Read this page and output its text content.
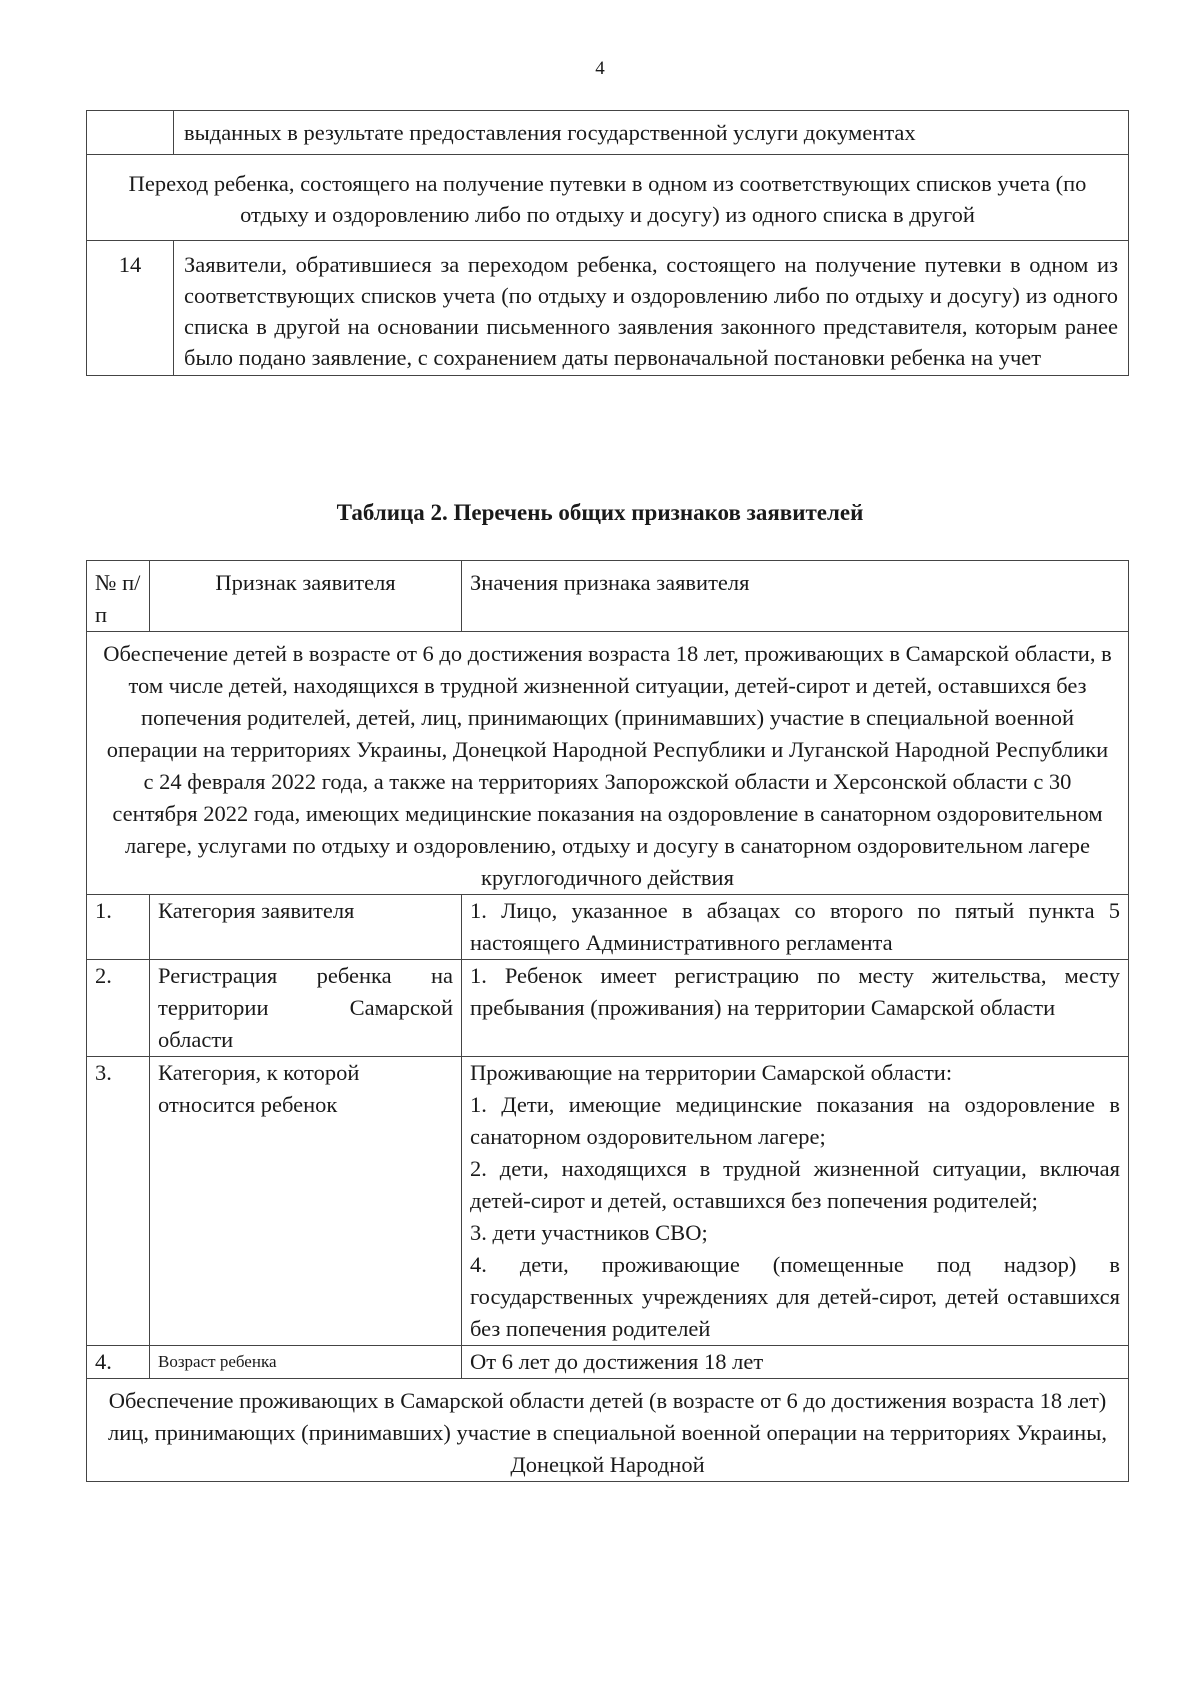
4
	выданных в результате предоставления государственной услуги документах
Переход ребенка, состоящего на получение путевки в одном из соответствующих списков учета (по отдыху и оздоровлению либо по отдыху и досугу) из одного списка в другой	
14	Заявители, обратившиеся за переходом ребенка, состоящего на получение путевки в одном из соответствующих списков учета (по отдыху и оздоровлению либо по отдыху и досугу) из одного списка в другой на основании письменного заявления законного представителя, которым ранее было подано заявление, с сохранением даты первоначальной постановки ребенка на учет
Таблица 2. Перечень общих признаков заявителей
№ п/п	Признак заявителя	Значения признака заявителя
Обеспечение детей в возрасте от 6 до достижения возраста 18 лет, проживающих в Самарской области, в том числе детей, находящихся в трудной жизненной ситуации, детей-сирот и детей, оставшихся без попечения родителей, детей, лиц, принимающих (принимавших) участие в специальной военной операции на территориях Украины, Донецкой Народной Республики и Луганской Народной Республики с 24 февраля 2022 года, а также на территориях Запорожской области и Херсонской области с 30 сентября 2022 года, имеющих медицинские показания на оздоровление в санаторном оздоровительном лагере, услугами по отдыху и оздоровлению, отдыху и досугу в санаторном оздоровительном лагере круглогодичного действия		
1.	Категория заявителя	1. Лицо, указанное в абзацах со второго по пятый пункта 5 настоящего Административного регламента

2.	Регистрация ребенка на территории Самарской области	1. Ребенок имеет регистрацию по месту жительства, месту пребывания (проживания) на территории Самарской области

3.	Категория, к которой относится ребенок	Проживающие на территории Самарской области:
1. Дети, имеющие медицинские показания на оздоровление в санаторном оздоровительном лагере;
2. дети, находящихся в трудной жизненной ситуации, включая детей-сирот и детей, оставшихся без попечения родителей;
3. дети участников СВО;
4. дети, проживающие (помещенные под надзор) в государственных учреждениях для детей-сирот, детей оставшихся без попечения родителей

4.	Возраст ребенка	От 6 лет до достижения 18 лет

Обеспечение проживающих в Самарской области детей (в возрасте от 6 до достижения возраста 18 лет) лиц, принимающих (принимавших) участие в специальной военной операции на территориях Украины, Донецкой Народной		
